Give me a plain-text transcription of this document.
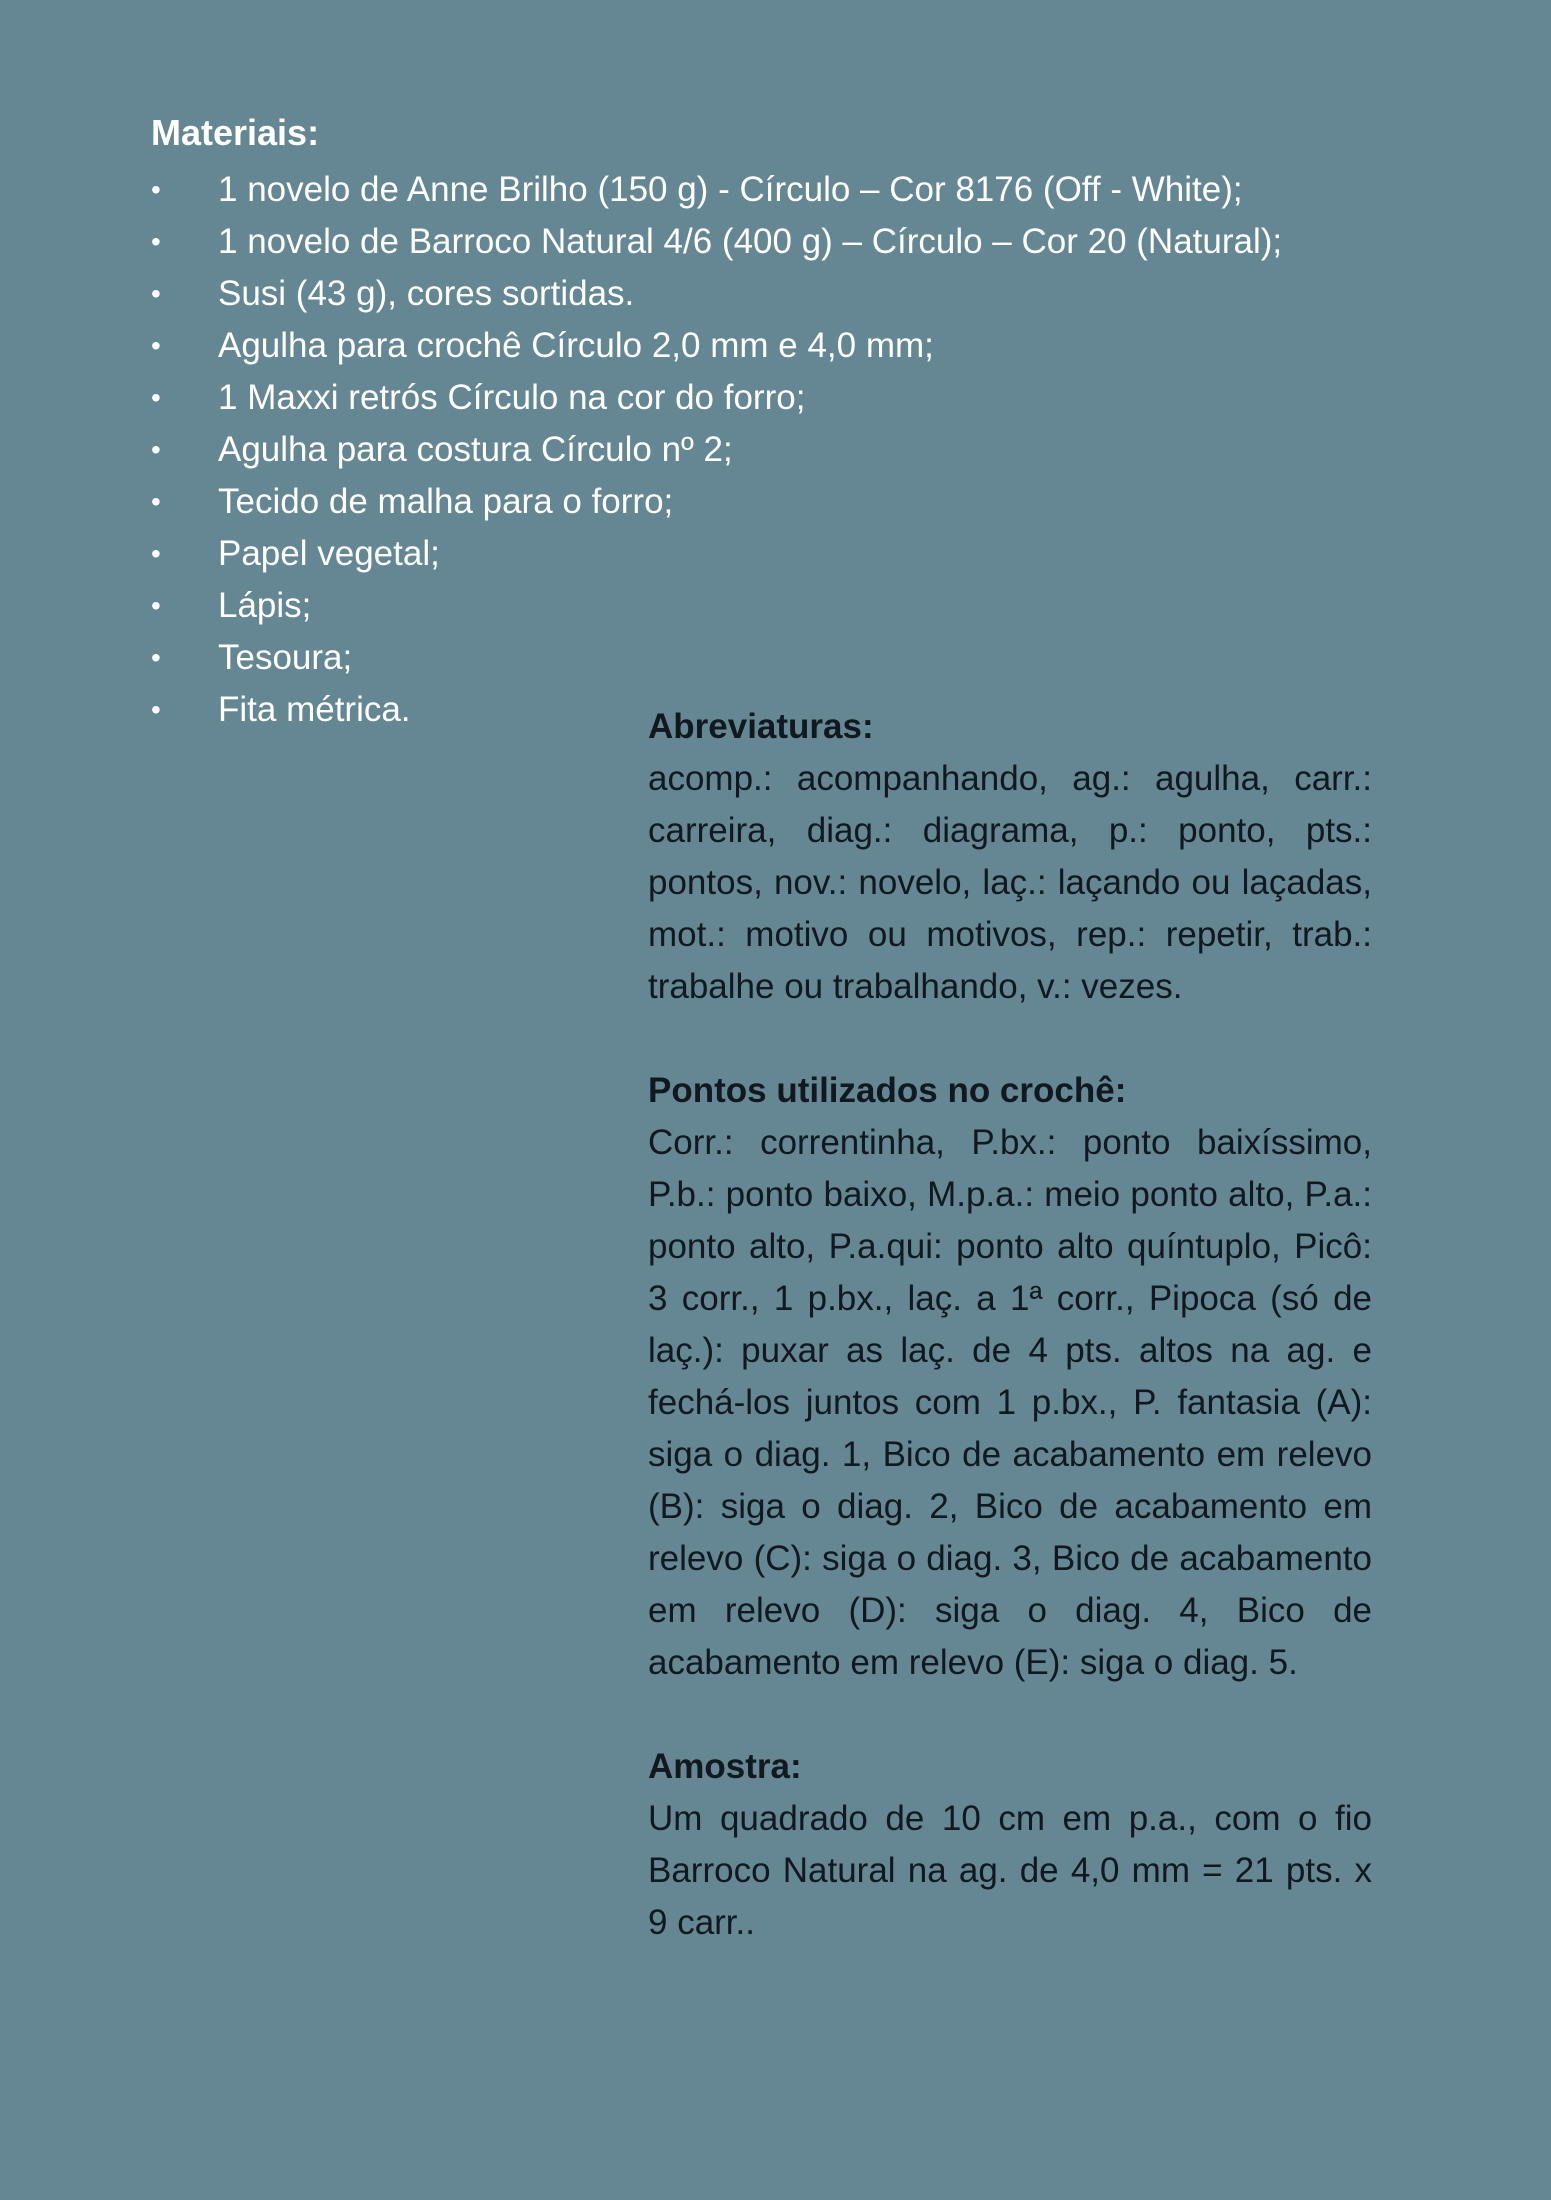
Materiais:
• 1 novelo de Anne Brilho (150 g) - Círculo – Cor 8176 (Off - White);
• 1 novelo de Barroco Natural 4/6 (400 g) – Círculo – Cor 20 (Natural);
• Susi (43 g), cores sortidas.
• Agulha para crochê Círculo 2,0 mm e 4,0 mm;
• 1 Maxxi retrós Círculo na cor do forro;
• Agulha para costura Círculo nº 2;
• Tecido de malha para o forro;
• Papel vegetal;
• Lápis;
• Tesoura;
• Fita métrica.	Abreviaturas:

acomp.: acompanhando, ag.: agulha, carr.: carreira, diag.: diagrama, p.: ponto, pts.: pontos, nov.: novelo, laç.: laçando ou laçadas, mot.: motivo ou motivos, rep.: repetir, trab.: trabalhe ou trabalhando, v.: vezes.

Pontos utilizados no crochê:

Corr.: correntinha, P.bx.: ponto baixíssimo, P.b.: ponto baixo, M.p.a.: meio ponto alto, P.a.: ponto alto, P.a.qui: ponto alto quíntuplo, Picô: 3 corr., 1 p.bx., laç. a 1ª corr., Pipoca (só de laç.): puxar as laç. de 4 pts. altos na ag. e fechá-los juntos com 1 p.bx., P. fantasia (A): siga o diag. 1, Bico de acabamento em relevo (B): siga o diag. 2, Bico de acabamento em relevo (C): siga o diag. 3, Bico de acabamento em relevo (D): siga o diag. 4, Bico de acabamento em relevo (E): siga o diag. 5.

Amostra:

Um quadrado de 10 cm em p.a., com o fio Barroco Natural na ag. de 4,0 mm = 21 pts. x 9 carr..
